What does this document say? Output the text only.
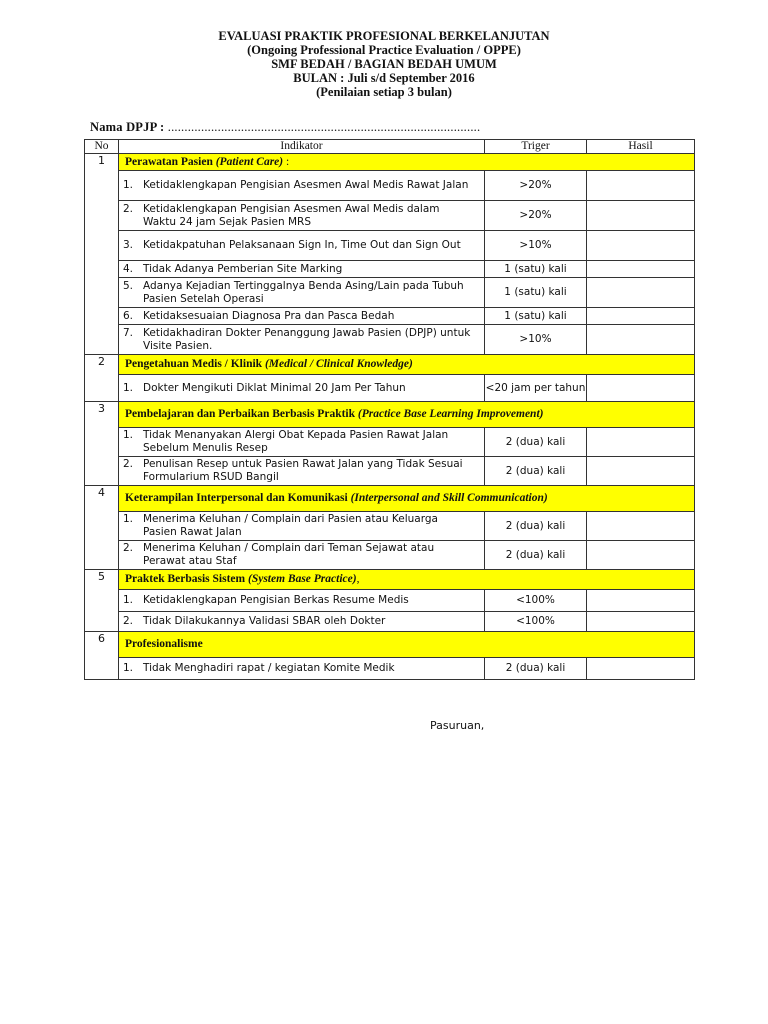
EVALUASI PRAKTIK PROFESIONAL BERKELANJUTAN
(Ongoing Professional Practice Evaluation / OPPE)
SMF BEDAH / BAGIAN BEDAH UMUM
BULAN : Juli s/d September 2016
(Penilaian setiap 3 bulan)
Nama DPJP : ..............................................................................................
No	Indikator	Triger	Hasil
1	Perawatan Pasien (Patient Care) :		
	1. Ketidaklengkapan Pengisian Asesmen Awal Medis Rawat Jalan	>20%	
	2. Ketidaklengkapan Pengisian Asesmen Awal Medis dalam Waktu 24 jam Sejak Pasien MRS	>20%	
	3. Ketidakpatuhan Pelaksanaan Sign In, Time Out dan Sign Out	>10%	
	4. Tidak Adanya Pemberian Site Marking	1 (satu) kali	
	5. Adanya Kejadian Tertinggalnya Benda Asing/Lain pada Tubuh Pasien Setelah Operasi	1 (satu) kali	
	6. Ketidaksesuaian Diagnosa Pra dan Pasca Bedah	1 (satu) kali	
	7. Ketidakhadiran Dokter Penanggung Jawab Pasien (DPJP) untuk Visite Pasien.	>10%	
2	Pengetahuan Medis / Klinik (Medical / Clinical Knowledge)		
	1. Dokter Mengikuti Diklat Minimal 20 Jam Per Tahun	<20 jam per tahun	
3	Pembelajaran dan Perbaikan Berbasis Praktik (Practice Base Learning Improvement)		
	1. Tidak Menanyakan Alergi Obat Kepada Pasien Rawat Jalan Sebelum Menulis Resep	2 (dua) kali	
	2. Penulisan Resep untuk Pasien Rawat Jalan yang Tidak Sesuai Formularium RSUD Bangil	2 (dua) kali	
4	Keterampilan Interpersonal dan Komunikasi (Interpersonal and Skill Communication)		
	1. Menerima Keluhan / Complain dari Pasien atau Keluarga Pasien Rawat Jalan	2 (dua) kali	
	2. Menerima Keluhan / Complain dari Teman Sejawat atau Perawat atau Staf	2 (dua) kali	
5	Praktek Berbasis Sistem (System Base Practice),		
	1. Ketidaklengkapan Pengisian Berkas Resume Medis	<100%	
	2. Tidak Dilakukannya Validasi SBAR oleh Dokter	<100%	
6	Profesionalisme		
	1. Tidak Menghadiri rapat / kegiatan Komite Medik	2 (dua) kali	
Pasuruan,
